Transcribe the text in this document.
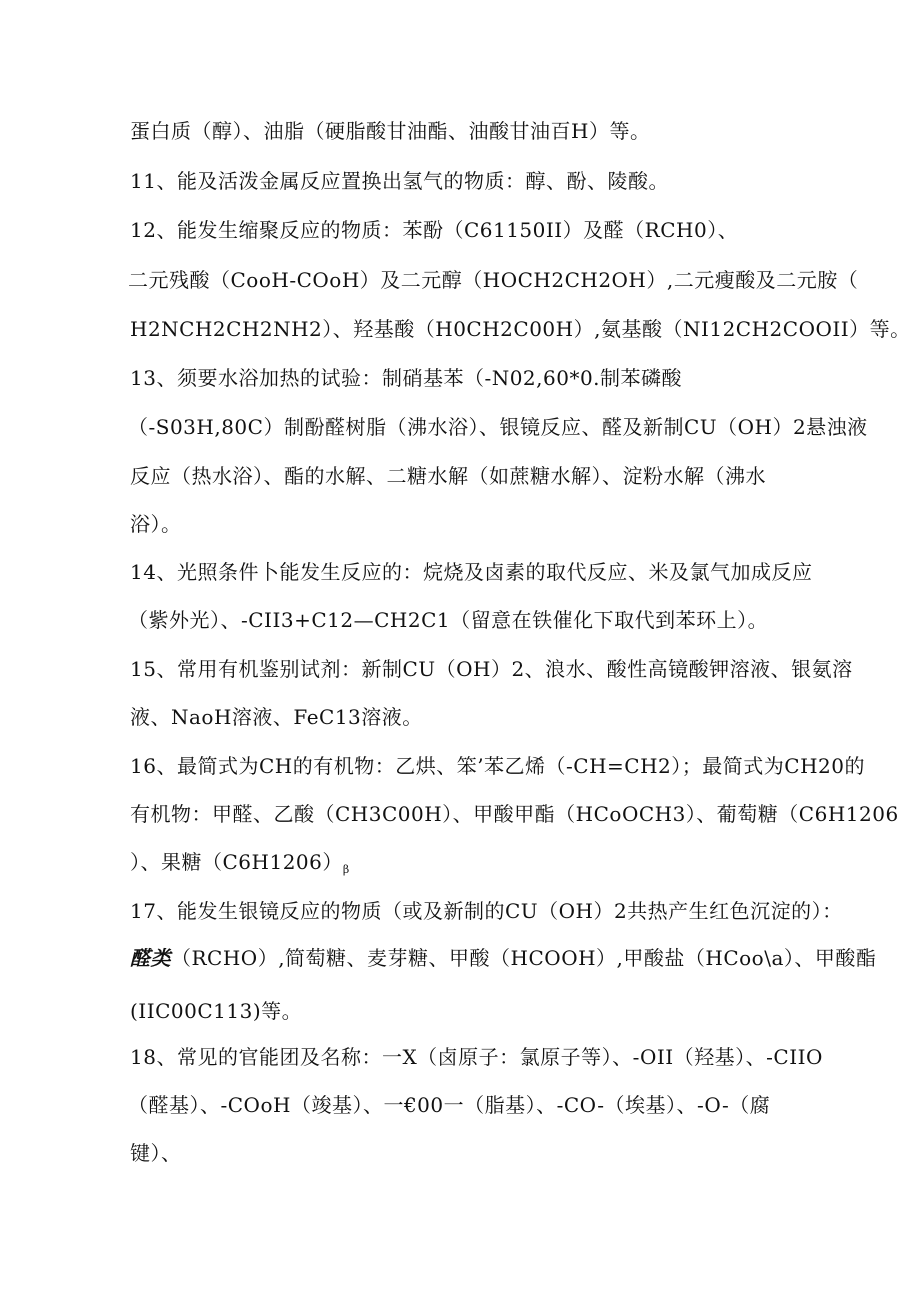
蛋白质（醇）、油脂（硬脂酸甘油酯、油酸甘油百H）等。
11、能及活泼金属反应置换出氢气的物质：醇、酚、陵酸。
12、能发生缩聚反应的物质：苯酚（C61150II）及醛（RCH0）、
二元残酸（CooH-COoH）及二元醇（HOCH2CH2OH）,二元瘦酸及二元胺（
H2NCH2CH2NH2）、羟基酸（H0CH2C00H）,氨基酸（NI12CH2COOII）等。
13、须要水浴加热的试验：制硝基苯（-N02,60*0.制苯磷酸
（-S03H,80C）制酚醛树脂（沸水浴）、银镜反应、醛及新制CU（OH）2悬浊液
反应（热水浴）、酯的水解、二糖水解（如蔗糖水解）、淀粉水解（沸水
浴）。
14、光照条件卜能发生反应的：烷烧及卤素的取代反应、米及氯气加成反应
（紫外光）、-CII3+C12—CH2C1（留意在铁催化下取代到苯环上）。
15、常用有机鉴别试剂：新制CU（OH）2、浪水、酸性高镜酸钾溶液、银氨溶
液、NaoH溶液、FeC13溶液。
16、最简式为CH的有机物：乙烘、笨’苯乙烯（-CH=CH2）；最简式为CH20的
有机物：甲醛、乙酸（CH3C00H）、甲酸甲酯（HCoOCH3）、葡萄糖（C6H1206
）、果糖$(C6H1206)_\beta$
17、能发生银镜反应的物质（或及新制的CU（OH）2共热产生红色沉淀的）：
醛类（RCHO）,简萄糖、麦芽糖、甲酸（HCOOH）,甲酸盐（HCoo\a）、甲酸酯
(IIC00C113)等。
18、常见的官能团及名称：一X（卤原子：氯原子等）、-OII（羟基）、-CIIO
（醛基）、-COoH（竣基）、一€00一（脂基）、-CO-（埃基）、-O-（腐
键）、
